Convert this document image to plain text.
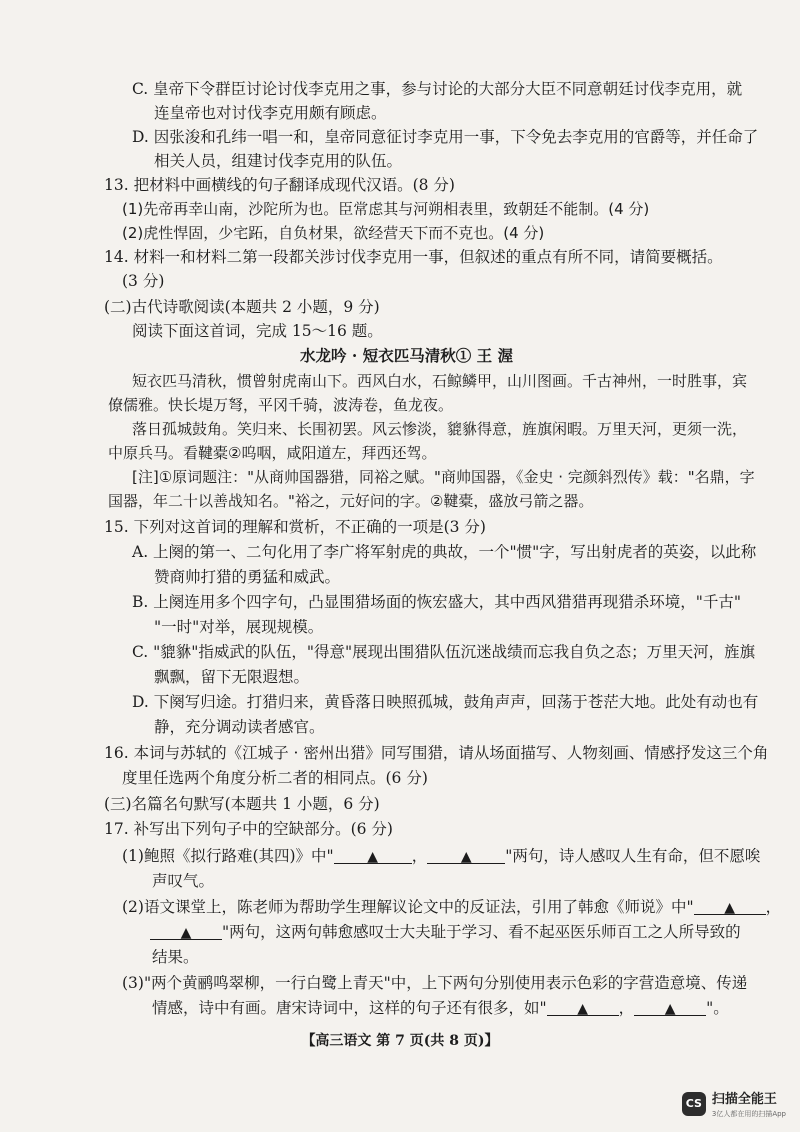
C. 皇帝下令群臣讨论讨伐李克用之事，参与讨论的大部分大臣不同意朝廷讨伐李克用，就
连皇帝也对讨伐李克用颇有顾虑。
D. 因张浚和孔纬一唱一和，皇帝同意征讨李克用一事，下令免去李克用的官爵等，并任命了
相关人员，组建讨伐李克用的队伍。
13. 把材料中画横线的句子翻译成现代汉语。(8 分)
(1)先帝再幸山南，沙陀所为也。臣常虑其与河朔相表里，致朝廷不能制。(4 分)
(2)虎性悍固，少宅跖，自负材果，欲经营天下而不克也。(4 分)
14. 材料一和材料二第一段都关涉讨伐李克用一事，但叙述的重点有所不同，请简要概括。
(3 分)
(二)古代诗歌阅读(本题共 2 小题，9 分)
阅读下面这首词，完成 15～16 题。
水龙吟 · 短衣匹马清秋① 王 渥
短衣匹马清秋，惯曾射虎南山下。西风白水，石鲸鳞甲，山川图画。千古神州，一时胜事，宾
僚儒雅。快长堤万弩，平冈千骑，波涛卷，鱼龙夜。
落日孤城鼓角。笑归来、长围初罢。风云惨淡，貔貅得意，旌旗闲暇。万里天河，更须一洗，
中原兵马。看鞬橐②呜咽，咸阳道左，拜西还驾。
[注]①原词题注："从商帅国器猎，同裕之赋。"商帅国器，《金史 · 完颜斜烈传》载："名鼎，字
国器，年二十以善战知名。"裕之，元好问的字。②鞬橐，盛放弓箭之器。
15. 下列对这首词的理解和赏析，不正确的一项是(3 分)
A. 上阕的第一、二句化用了李广将军射虎的典故，一个"惯"字，写出射虎者的英姿，以此称
赞商帅打猎的勇猛和威武。
B. 上阕连用多个四字句，凸显围猎场面的恢宏盛大，其中西风猎猎再现猎杀环境，"千古"
"一时"对举，展现规模。
C. "貔貅"指威武的队伍，"得意"展现出围猎队伍沉迷战绩而忘我自负之态；万里天河，旌旗
飘飘，留下无限遐想。
D. 下阕写归途。打猎归来，黄昏落日映照孤城，鼓角声声，回荡于苍茫大地。此处有动也有
静，充分调动读者感官。
16. 本词与苏轼的《江城子 · 密州出猎》同写围猎，请从场面描写、人物刻画、情感抒发这三个角
度里任选两个角度分析二者的相同点。(6 分)
(三)名篇名句默写(本题共 1 小题，6 分)
17. 补写出下列句子中的空缺部分。(6 分)
(1)鲍照《拟行路难(其四)》中" ▲ ， ▲ "两句，诗人感叹人生有命，但不愿唉
声叹气。
(2)语文课堂上，陈老师为帮助学生理解议论文中的反证法，引用了韩愈《师说》中" ▲ ，
▲ "两句，这两句韩愈感叹士大夫耻于学习、看不起巫医乐师百工之人所导致的
结果。
(3)"两个黄鹂鸣翠柳，一行白鹭上青天"中，上下两句分别使用表示色彩的字营造意境、传递
情感，诗中有画。唐宋诗词中，这样的句子还有很多，如" ▲ ， ▲ "。
【高三语文 第 7 页(共 8 页)】
CS 扫描全能王
3亿人都在用的扫描App
